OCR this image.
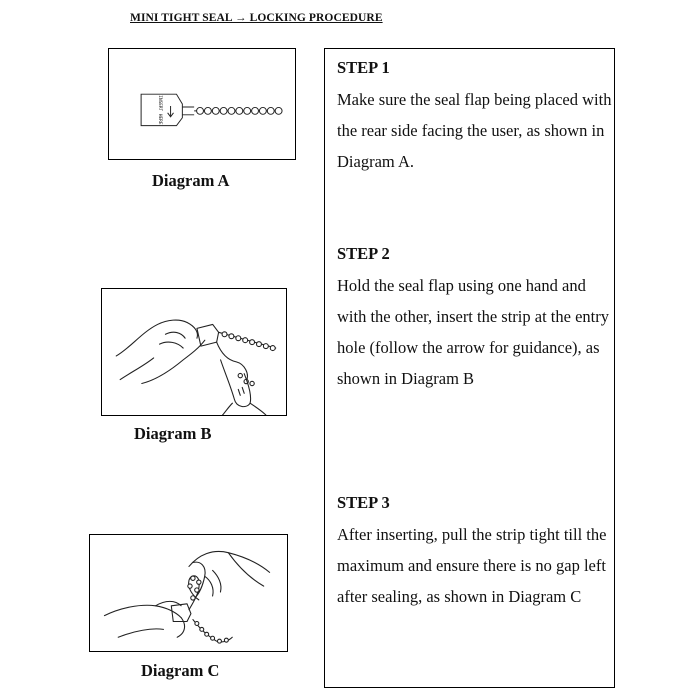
MINI TIGHT SEAL → LOCKING PROCEDURE
INSERT HERE
Diagram A
Diagram B
Diagram C
STEP 1

Make sure the seal flap being placed with the rear side facing the user, as shown in Diagram A.

STEP 2

Hold the seal flap using one hand and with the other, insert the strip at the entry hole (follow the arrow for guidance), as shown in Diagram B

STEP 3

After inserting, pull the strip tight till the maximum and ensure there is no gap left after sealing, as shown in Diagram C
